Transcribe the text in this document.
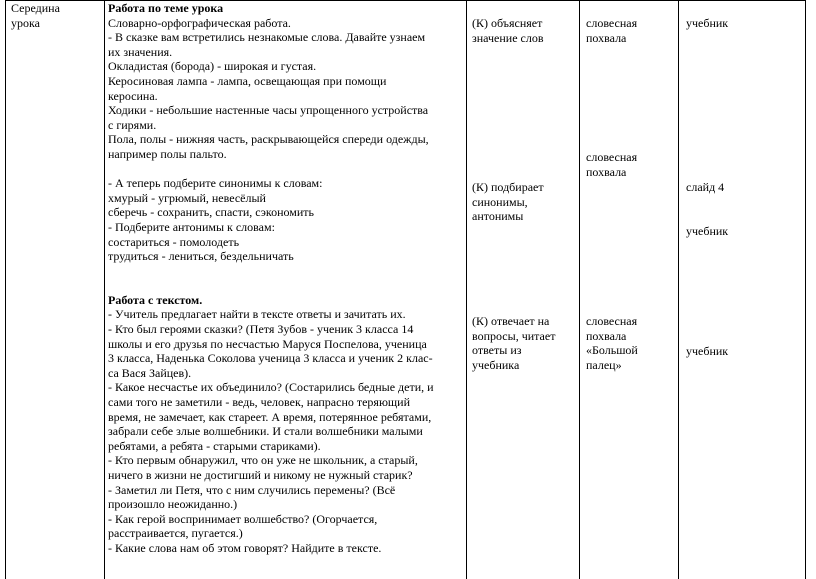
Середина

урока

Работа по теме урока

Словарно-орфографическая работа.

- В сказке вам встретились незнакомые слова. Давайте узнаем

их значения.

Окладистая (борода) - широкая и густая.

Керосиновая лампа - лампа, освещающая при помощи

керосина.

Ходики - небольшие настенные часы упрощенного устройства

с гирями.

Пола, полы - нижняя часть, раскрывающейся спереди одежды,

например полы пальто.

- А теперь подберите синонимы к словам:

хмурый - угрюмый, невесёлый

сберечь - сохранить, спасти, сэкономить

- Подберите антонимы к словам:

состариться - помолодеть

трудиться - лениться, бездельничать

Работа с текстом.

- Учитель предлагает найти в тексте ответы и зачитать их.

- Кто был героями сказки? (Петя Зубов - ученик 3 класса 14

школы и его друзья по несчастью Маруся Поспелова, ученица

3 класса, Наденька Соколова ученица 3 класса и ученик 2 клас-

са Вася Зайцев).

- Какое несчастье их объединило? (Состарились бедные дети, и

сами того не заметили - ведь, человек, напрасно теряющий

время, не замечает, как стареет. А время, потерянное ребятами,

забрали себе злые волшебники. И стали волшебники малыми

ребятами, а ребята - старыми стариками).

- Кто первым обнаружил, что он уже не школьник, а старый,

ничего в жизни не достигший и никому не нужный старик?

- Заметил ли Петя, что с ним случились перемены? (Всё

произошло неожиданно.)

- Как герой воспринимает волшебство? (Огорчается,

расстраивается, пугается.)

- Какие слова нам об этом говорят? Найдите в тексте.

(К) объясняет

значение слов

(К) подбирает

синонимы,

антонимы

(К) отвечает на

вопросы, читает

ответы из

учебника

словесная

похвала

словесная

похвала

словесная

похвала

«Большой

палец»

учебник
слайд 4
учебник
учебник
